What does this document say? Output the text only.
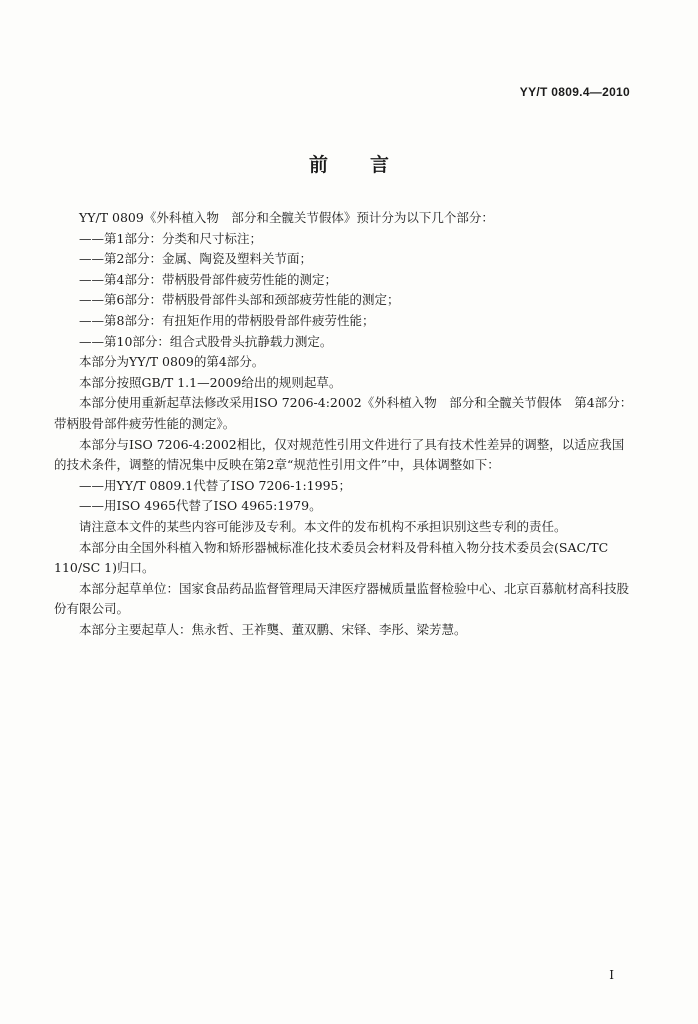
YY/T 0809.4—2010
前言

YY/T 0809《外科植入物　部分和全髋关节假体》预计分为以下几个部分：

——第1部分：分类和尺寸标注；

——第2部分：金属、陶瓷及塑料关节面；

——第4部分：带柄股骨部件疲劳性能的测定；

——第6部分：带柄股骨部件头部和颈部疲劳性能的测定；

——第8部分：有扭矩作用的带柄股骨部件疲劳性能；

——第10部分：组合式股骨头抗静载力测定。

本部分为YY/T 0809的第4部分。

本部分按照GB/T 1.1—2009给出的规则起草。

本部分使用重新起草法修改采用ISO 7206-4:2002《外科植入物　部分和全髋关节假体　第4部分：带柄股骨部件疲劳性能的测定》。

本部分与ISO 7206-4:2002相比，仅对规范性引用文件进行了具有技术性差异的调整，以适应我国的技术条件，调整的情况集中反映在第2章“规范性引用文件”中，具体调整如下：

——用YY/T 0809.1代替了ISO 7206-1:1995；

——用ISO 4965代替了ISO 4965:1979。

请注意本文件的某些内容可能涉及专利。本文件的发布机构不承担识别这些专利的责任。

本部分由全国外科植入物和矫形器械标准化技术委员会材料及骨科植入物分技术委员会(SAC/TC 110/SC 1)归口。

本部分起草单位：国家食品药品监督管理局天津医疗器械质量监督检验中心、北京百慕航材高科技股份有限公司。

本部分主要起草人：焦永哲、王祚龑、董双鹏、宋铎、李彤、梁芳慧。

I
